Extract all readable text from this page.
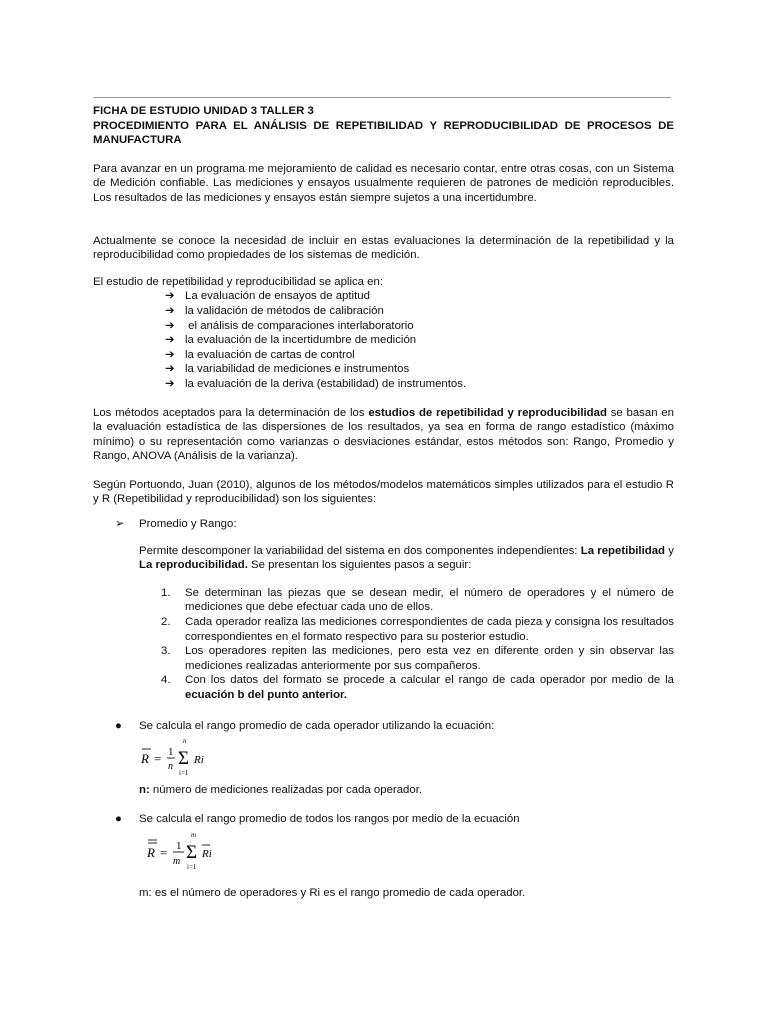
FICHA DE ESTUDIO UNIDAD 3 TALLER 3

PROCEDIMIENTO PARA EL ANÁLISIS DE REPETIBILIDAD Y REPRODUCIBILIDAD DE PROCESOS DE MANUFACTURA

Para avanzar en un programa me mejoramiento de calidad es necesario contar, entre otras cosas, con un Sistema de Medición confiable. Las mediciones y ensayos usualmente requieren de patrones de medición reproducibles. Los resultados de las mediciones y ensayos están siempre sujetos a una incertidumbre.

Actualmente se conoce la necesidad de incluir en estas evaluaciones la determinación de la repetibilidad y la reproducibilidad como propiedades de los sistemas de medición.

El estudio de repetibilidad y reproducibilidad se aplica en:

➔ La evaluación de ensayos de aptitud
➔ la validación de métodos de calibración
➔ el análisis de comparaciones interlaboratorio
➔ la evaluación de la incertidumbre de medición
➔ la evaluación de cartas de control
➔ la variabilidad de mediciones e instrumentos
➔ la evaluación de la deriva (estabilidad) de instrumentos.

Los métodos aceptados para la determinación de los estudios de repetibilidad y reproducibilidad se basan en la evaluación estadística de las dispersiones de los resultados, ya sea en forma de rango estadístico (máximo mínimo) o su representación como varianzas o desviaciones estándar, estos métodos son: Rango, Promedio y Rango, ANOVA (Análisis de la varianza).

Según Portuondo, Juan (2010), algunos de los métodos/modelos matemáticos simples utilizados para el estudio R y R (Repetibilidad y reproducibilidad) son los siguientes:

➢ Promedio y Rango:

Permite descomponer la variabilidad del sistema en dos componentes independientes: La repetibilidad y La reproducibilidad. Se presentan los siguientes pasos a seguir:

1. Se determinan las piezas que se desean medir, el número de operadores y el número de mediciones que debe efectuar cada uno de ellos.
2. Cada operador realiza las mediciones correspondientes de cada pieza y consigna los resultados correspondientes en el formato respectivo para su posterior estudio.
3. Los operadores repiten las mediciones, pero esta vez en diferente orden y sin observar las mediciones realizadas anteriormente por sus compañeros.
4. Con los datos del formato se procede a calcular el rango de cada operador por medio de la ecuación b del punto anterior.
● Se calcula el rango promedio de cada operador utilizando la ecuación:
R = 1
n
n
Σ
i=1
Ri

n: número de mediciones realizadas por cada operador.

● Se calcula el rango promedio de todos los rangos por medio de la ecuación
R = 1
m
m
Σ
i=1
Ri

m: es el número de operadores y Ri es el rango promedio de cada operador.
